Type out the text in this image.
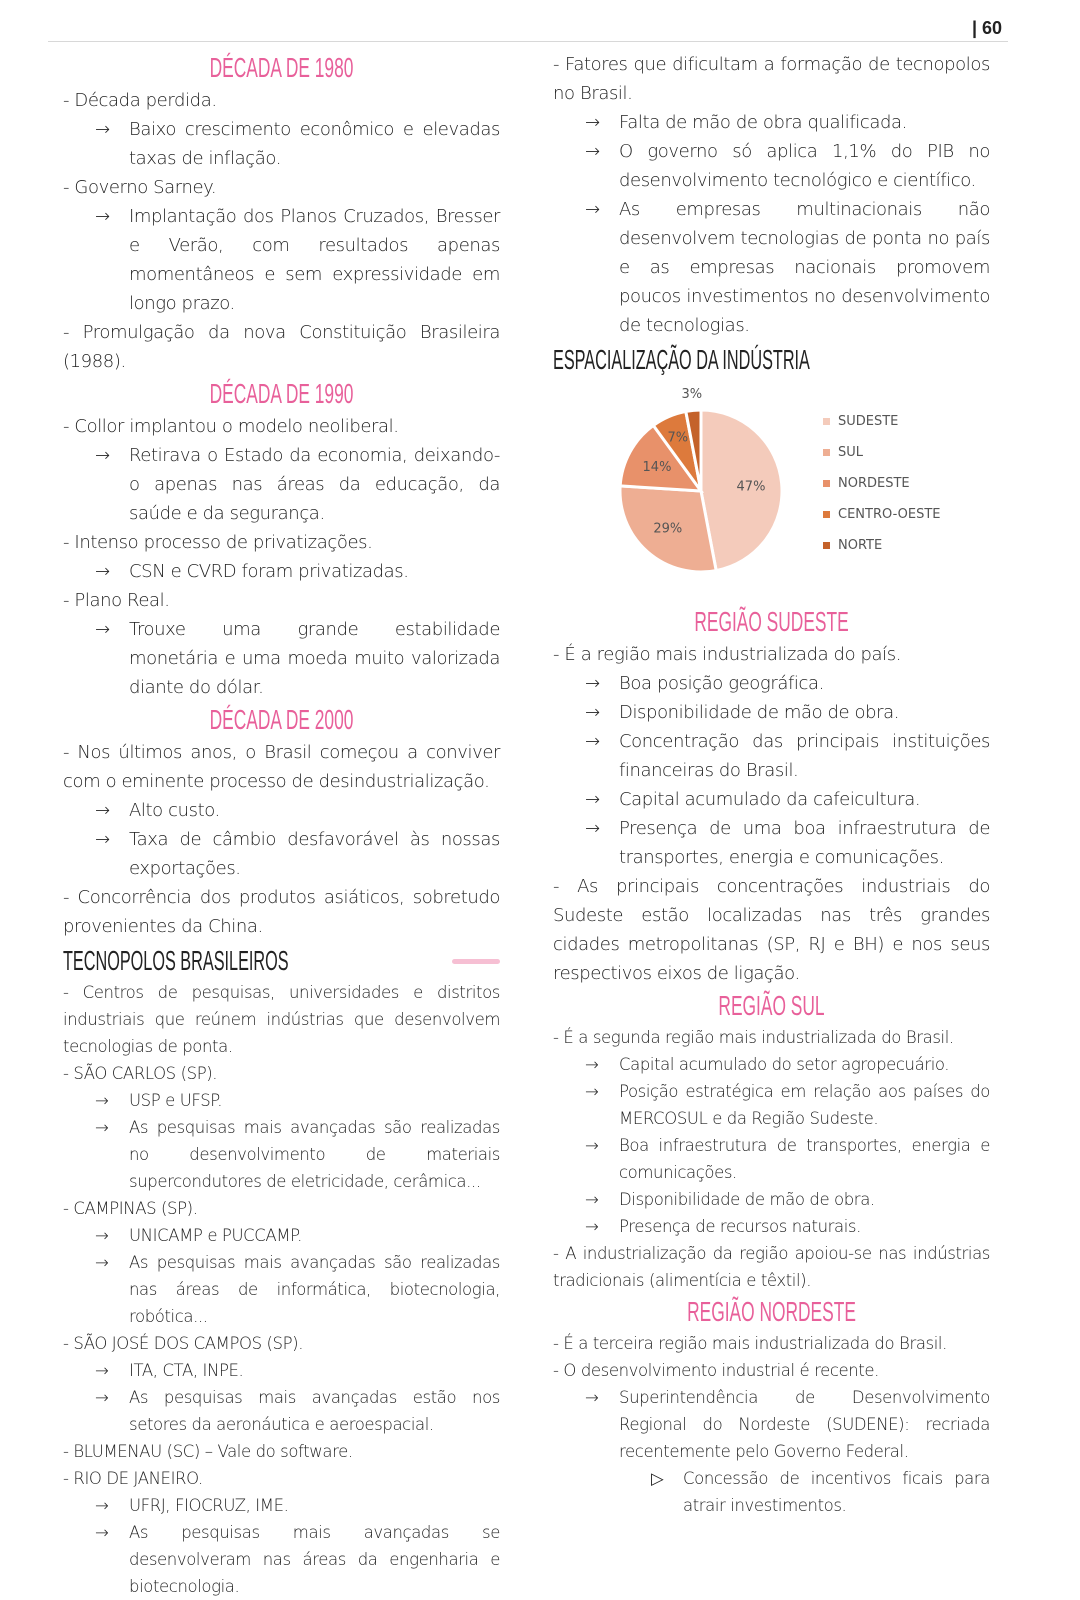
| 60
DÉCADA DE 1980
- Década perdida.
→	Baixo crescimento econômico e elevadas taxas de inflação.
- Governo Sarney.
→	Implantação dos Planos Cruzados, Bresser e Verão, com resultados apenas momentâneos e sem expressividade em longo prazo.
- Promulgação da nova Constituição Brasileira (1988).
DÉCADA DE 1990
- Collor implantou o modelo neoliberal.
→	Retirava o Estado da economia, deixando-o apenas nas áreas da educação, da saúde e da segurança.
- Intenso processo de privatizações.
→	CSN e CVRD foram privatizadas.
- Plano Real.
→	Trouxe uma grande estabilidade monetária e uma moeda muito valorizada diante do dólar.
DÉCADA DE 2000
- Nos últimos anos, o Brasil começou a conviver com o eminente processo de desindustrialização.
→	Alto custo.
→	Taxa de câmbio desfavorável às nossas exportações.
- Concorrência dos produtos asiáticos, sobretudo provenientes da China.
TECNOPOLOS BRASILEIROS
- Centros de pesquisas, universidades e distritos industriais que reúnem indústrias que desenvolvem tecnologias de ponta.
- SÃO CARLOS (SP).
→	USP e UFSP.
→	As pesquisas mais avançadas são realizadas no desenvolvimento de materiais supercondutores de eletricidade, cerâmica...
- CAMPINAS (SP).
→	UNICAMP e PUCCAMP.
→	As pesquisas mais avançadas são realizadas nas áreas de informática, biotecnologia, robótica...
- SÃO JOSÉ DOS CAMPOS (SP).
→	ITA, CTA, INPE.
→	As pesquisas mais avançadas estão nos setores da aeronáutica e aeroespacial.
- BLUMENAU (SC) – Vale do software.
- RIO DE JANEIRO.
→	UFRJ, FIOCRUZ, IME.
→	As pesquisas mais avançadas se desenvolveram nas áreas da engenharia e biotecnologia.
- Fatores que dificultam a formação de tecnopolos no Brasil.
→	Falta de mão de obra qualificada.
→	O governo só aplica 1,1% do PIB no desenvolvimento tecnológico e científico.
→	As empresas multinacionais não desenvolvem tecnologias de ponta no país e as empresas nacionais promovem poucos investimentos no desenvolvimento de tecnologias.
ESPACIALIZAÇÃO DA INDÚSTRIA
47%
29%
14%
7%
3%
SUDESTE
SUL
NORDESTE
CENTRO-OESTE
NORTE
REGIÃO SUDESTE
- É a região mais industrializada do país.
→	Boa posição geográfica.
→	Disponibilidade de mão de obra.
→	Concentração das principais instituições financeiras do Brasil.
→	Capital acumulado da cafeicultura.
→	Presença de uma boa infraestrutura de transportes, energia e comunicações.
- As principais concentrações industriais do Sudeste estão localizadas nas três grandes cidades metropolitanas (SP, RJ e BH) e nos seus respectivos eixos de ligação.
REGIÃO SUL
- É a segunda região mais industrializada do Brasil.
→	Capital acumulado do setor agropecuário.
→	Posição estratégica em relação aos países do MERCOSUL e da Região Sudeste.
→	Boa infraestrutura de transportes, energia e comunicações.
→	Disponibilidade de mão de obra.
→	Presença de recursos naturais.
- A industrialização da região apoiou-se nas indústrias tradicionais (alimentícia e têxtil).
REGIÃO NORDESTE
- É a terceira região mais industrializada do Brasil.
- O desenvolvimento industrial é recente.
→	Superintendência de Desenvolvimento Regional do Nordeste (SUDENE): recriada recentemente pelo Governo Federal.
▷	Concessão de incentivos ficais para atrair investimentos.
